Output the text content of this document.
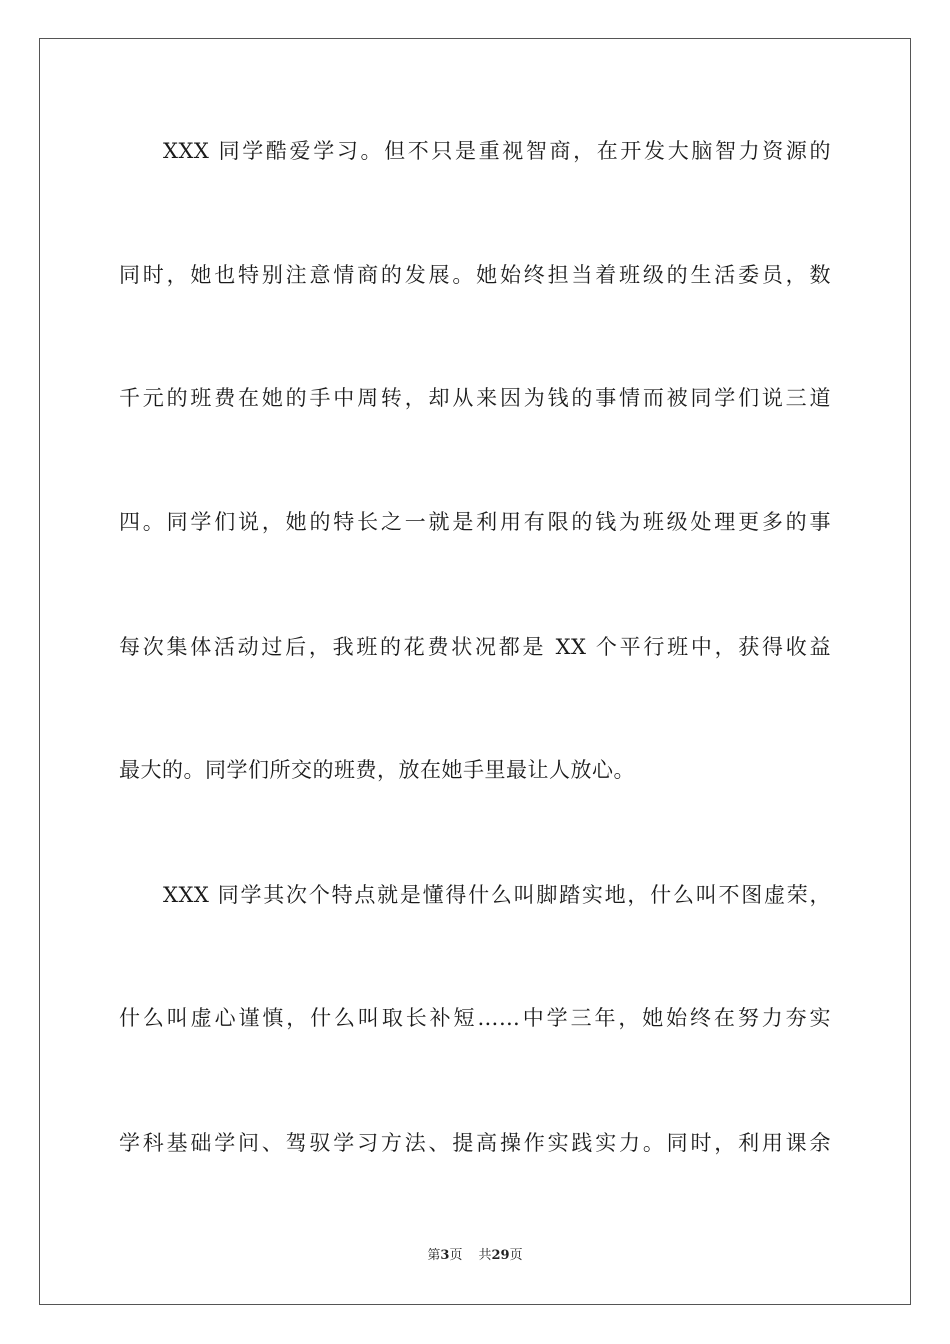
XXX 同学酷爱学习。但不只是重视智商，在开发大脑智力资源的
同时，她也特别注意情商的发展。她始终担当着班级的生活委员，数
千元的班费在她的手中周转，却从来因为钱的事情而被同学们说三道
四。同学们说，她的特长之一就是利用有限的钱为班级处理更多的事
每次集体活动过后，我班的花费状况都是 XX 个平行班中，获得收益
最大的。同学们所交的班费，放在她手里最让人放心。
XXX 同学其次个特点就是懂得什么叫脚踏实地，什么叫不图虚荣，
什么叫虚心谨慎，什么叫取长补短……中学三年，她始终在努力夯实
学科基础学问、驾驭学习方法、提高操作实践实力。同时，利用课余
第3页 共29页
